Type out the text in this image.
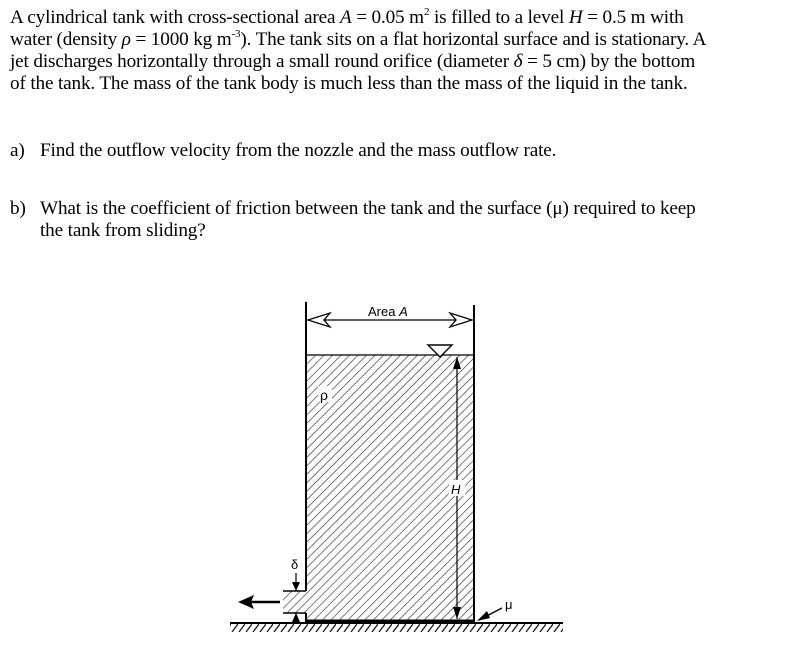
A cylindrical tank with cross-sectional area A = 0.05 $m^2$ is filled to a level H = 0.5 m with
water (density ρ = 1000 kg $m^{-3}$). The tank sits on a flat horizontal surface and is stationary. A
jet discharges horizontally through a small round orifice (diameter δ = 5 cm) by the bottom
of the tank. The mass of the tank body is much less than the mass of the liquid in the tank.
a) Find the outflow velocity from the nozzle and the mass outflow rate.
b) What is the coefficient of friction between the tank and the surface (μ) required to keep
the tank from sliding?
Area A
H
ρ
δ
μ
